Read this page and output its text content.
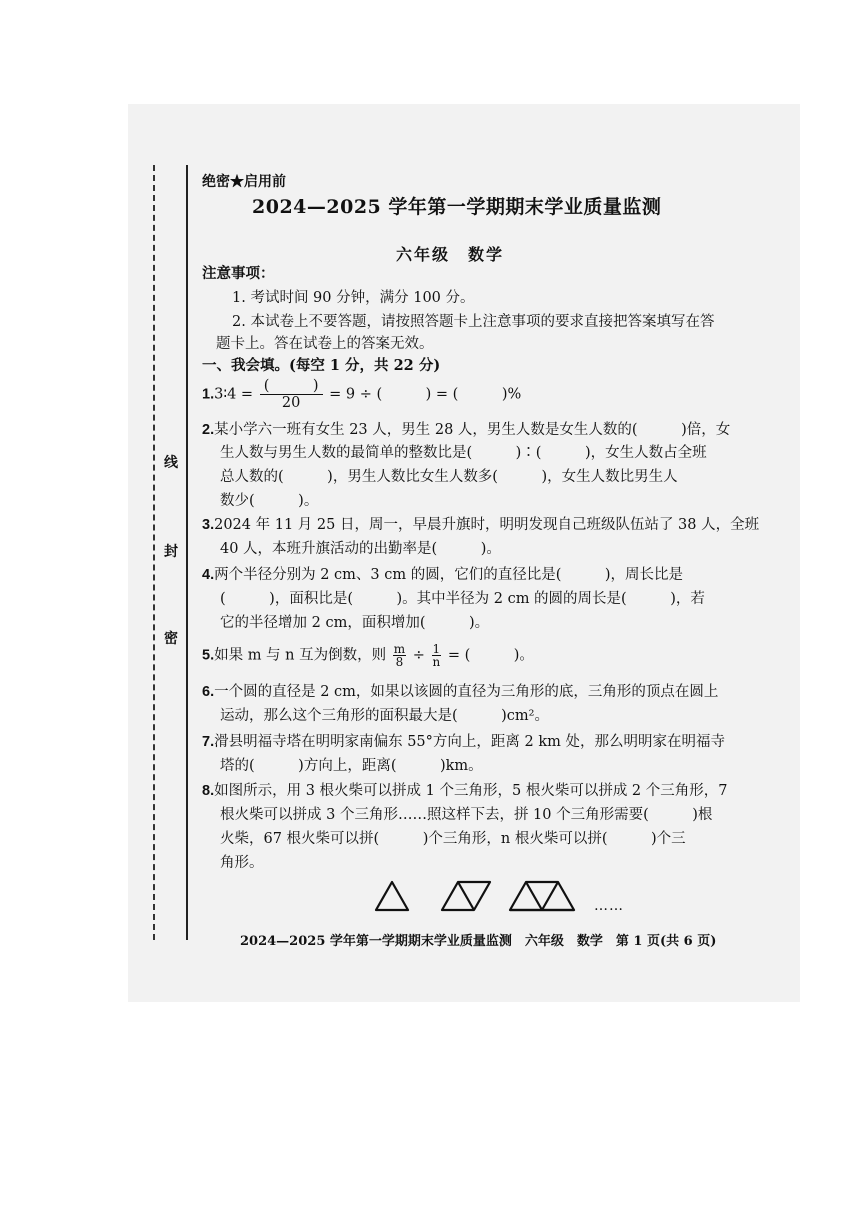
线
封
密
绝密★启用前
2024—2025 学年第一学期期末学业质量监测
六年级　数学
注意事项：
1. 考试时间 90 分钟，满分 100 分。
2. 本试卷上不要答题，请按照答题卡上注意事项的要求直接把答案填写在答
题卡上。答在试卷上的答案无效。
一、我会填。(每空 1 分，共 22 分)
1.3∶4 = $\frac{( )}{20} = 9$ ÷ (　　　) = (　　　)%
2.某小学六一班有女生 23 人，男生 28 人，男生人数是女生人数的(　　　)倍，女
生人数与男生人数的最简单的整数比是(　　　)∶(　　　)，女生人数占全班
总人数的(　　　)，男生人数比女生人数多(　　　)，女生人数比男生人
数少(　　　)。
3.2024 年 11 月 25 日，周一，早晨升旗时，明明发现自己班级队伍站了 38 人，全班
40 人，本班升旗活动的出勤率是(　　　)。
4.两个半径分别为 2 cm、3 cm 的圆，它们的直径比是(　　　)，周长比是
(　　　)，面积比是(　　　)。其中半径为 2 cm 的圆的周长是(　　　)，若
它的半径增加 2 cm，面积增加(　　　)。
5.如果 m 与 n 互为倒数，则 $\frac{m}{8} \div \frac{1}{n}$ = (　　　)。
6.一个圆的直径是 2 cm，如果以该圆的直径为三角形的底，三角形的顶点在圆上
运动，那么这个三角形的面积最大是(　　　)cm²。
7.滑县明福寺塔在明明家南偏东 55°方向上，距离 2 km 处，那么明明家在明福寺
塔的(　　　)方向上，距离(　　　)km。
8.如图所示，用 3 根火柴可以拼成 1 个三角形，5 根火柴可以拼成 2 个三角形，7
根火柴可以拼成 3 个三角形……照这样下去，拼 10 个三角形需要(　　　)根
火柴，67 根火柴可以拼(　　　)个三角形，n 根火柴可以拼(　　　)个三
角形。
……
2024—2025 学年第一学期期末学业质量监测　六年级　数学　第 1 页(共 6 页)
